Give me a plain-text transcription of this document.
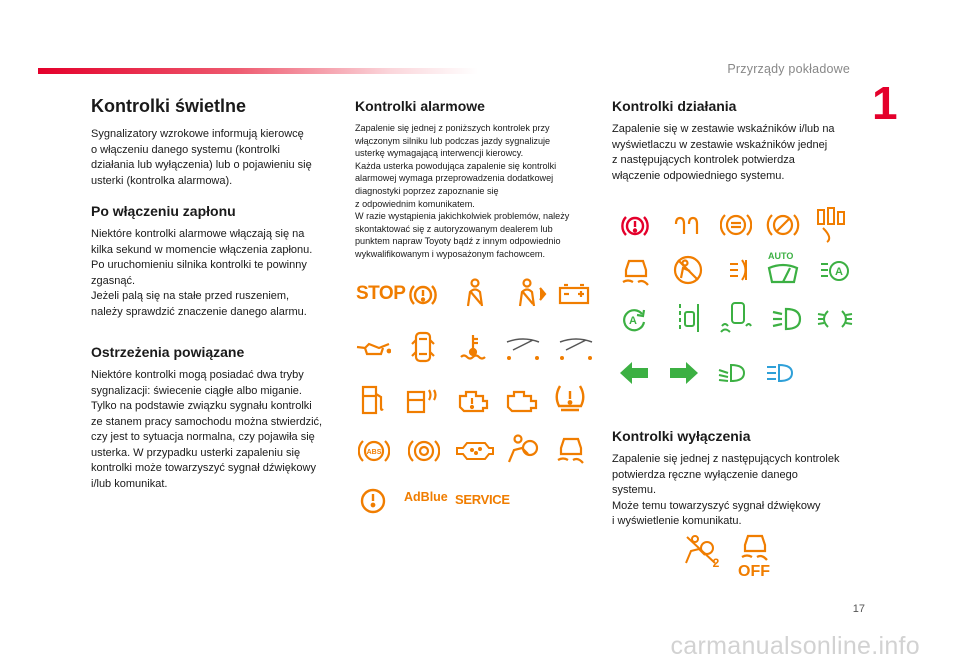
Przyrządy pokładowe
1
Kontrolki świetlne

Sygnalizatory wzrokowe informują kierowcę
o włączeniu danego systemu (kontrolki
działania lub wyłączenia) lub o pojawieniu się
usterki (kontrolka alarmowa).

Po włączeniu zapłonu

Niektóre kontrolki alarmowe włączają się na
kilka sekund w momencie włączenia zapłonu.
Po uruchomieniu silnika kontrolki te powinny
zgasnąć.
Jeżeli palą się na stałe przed ruszeniem,
należy sprawdzić znaczenie danego alarmu.

Ostrzeżenia powiązane

Niektóre kontrolki mogą posiadać dwa tryby
sygnalizacji: świecenie ciągłe albo miganie.
Tylko na podstawie związku sygnału kontrolki
ze stanem pracy samochodu można stwierdzić,
czy jest to sytuacja normalna, czy pojawiła się
usterka. W przypadku usterki zapaleniu się
kontrolki może towarzyszyć sygnał dźwiękowy
i/lub komunikat.

Kontrolki alarmowe

Zapalenie się jednej z poniższych kontrolek przy
włączonym silniku lub podczas jazdy sygnalizuje
usterkę wymagającą interwencji kierowcy.
Każda usterka powodująca zapalenie się kontrolki
alarmowej wymaga przeprowadzenia dodatkowej
diagnostyki poprzez zapoznanie się
z odpowiednim komunikatem.
W razie wystąpienia jakichkolwiek problemów, należy
skontaktować się z autoryzowanym dealerem lub
punktem napraw Toyoty bądź z innym odpowiednio
wykwalifikowanym i wyposażonym fachowcem.

Kontrolki działania

Zapalenie się w zestawie wskaźników i/lub na
wyświetlaczu w zestawie wskaźników jednej
z następujących kontrolek potwierdza
włączenie odpowiedniego systemu.

Kontrolki wyłączenia

Zapalenie się jednej z następujących kontrolek
potwierdza ręczne wyłączenie danego
systemu.
Może temu towarzyszyć sygnał dźwiękowy
i wyświetlenie komunikatu.

STOP
ABS
AdBlue SERVICE
AUTO
A
A
2 OFF
17
carmanualsonline.info
